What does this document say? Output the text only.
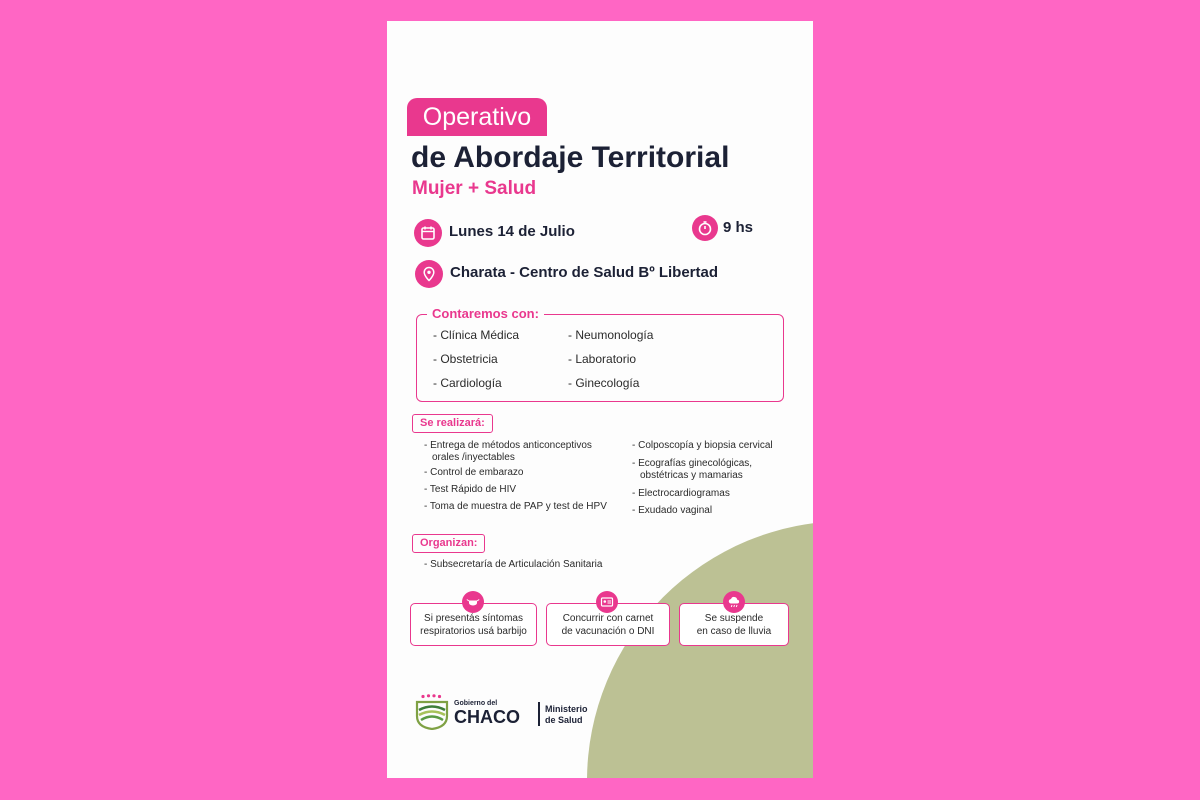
Operativo
de Abordaje Territorial
Mujer + Salud
Lunes 14 de Julio	9 hs
Charata - Centro de Salud Bº Libertad
Contaremos con:
- Clínica Médica
- Obstetricia
- Cardiología
- Neumonología
- Laboratorio
- Ginecología
Se realizará:
- Entrega de métodos anticonceptivos
orales /inyectables
- Control de embarazo
- Test Rápido de HIV
- Toma de muestra de PAP y test de HPV
- Colposcopía y biopsia cervical
- Ecografías ginecológicas,
obstétricas y mamarias
- Electrocardiogramas
- Exudado vaginal
Organizan:
- Subsecretaría de Articulación Sanitaria
Si presentás síntomas
respiratorios usá barbijo
Concurrir con carnet
de vacunación o DNI
Se suspende
en caso de lluvia
Gobierno del
CHACO	Ministerio
de Salud
